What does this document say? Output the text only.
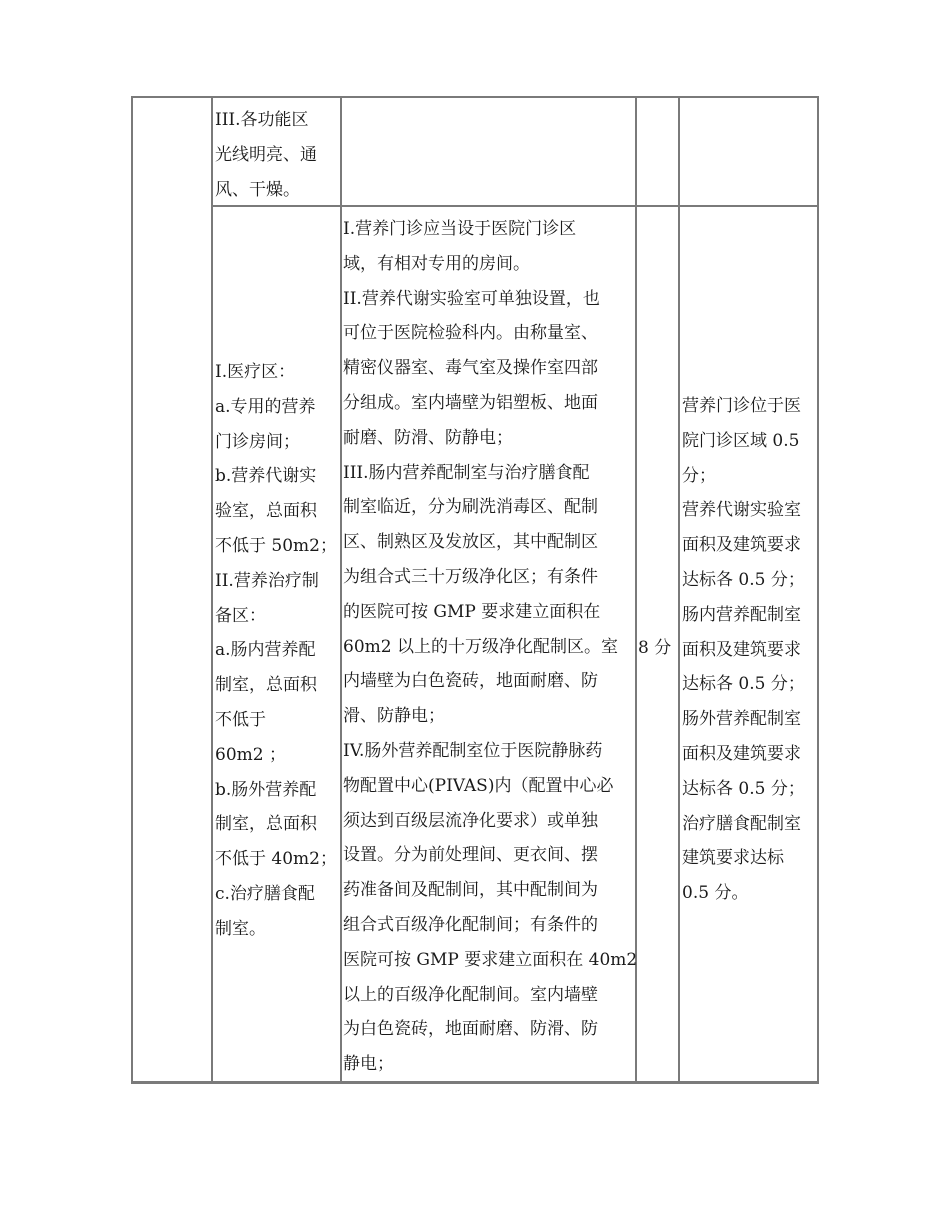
III.各功能区
光线明亮、通
风、干燥。
I.医疗区：
a.专用的营养
门诊房间；
b.营养代谢实
验室，总面积
不低于 50m2；
II.营养治疗制
备区：
a.肠内营养配
制室，总面积
不低于
60m2 ；
b.肠外营养配
制室，总面积
不低于 40m2；
c.治疗膳食配
制室。
I.营养门诊应当设于医院门诊区
域，有相对专用的房间。
II.营养代谢实验室可单独设置，也
可位于医院检验科内。由称量室、
精密仪器室、毒气室及操作室四部
分组成。室内墙壁为铝塑板、地面
耐磨、防滑、防静电；
III.肠内营养配制室与治疗膳食配
制室临近，分为刷洗消毒区、配制
区、制熟区及发放区，其中配制区
为组合式三十万级净化区；有条件
的医院可按 GMP 要求建立面积在
60m2 以上的十万级净化配制区。室
内墙壁为白色瓷砖，地面耐磨、防
滑、防静电；
IV.肠外营养配制室位于医院静脉药
物配置中心(PIVAS)内（配置中心必
须达到百级层流净化要求）或单独
设置。分为前处理间、更衣间、摆
药准备间及配制间，其中配制间为
组合式百级净化配制间；有条件的
医院可按 GMP 要求建立面积在 40m2
以上的百级净化配制间。室内墙壁
为白色瓷砖，地面耐磨、防滑、防
静电；
8 分
营养门诊位于医
院门诊区域 0.5
分；
营养代谢实验室
面积及建筑要求
达标各 0.5 分；
肠内营养配制室
面积及建筑要求
达标各 0.5 分；
肠外营养配制室
面积及建筑要求
达标各 0.5 分；
治疗膳食配制室
建筑要求达标
0.5 分。
